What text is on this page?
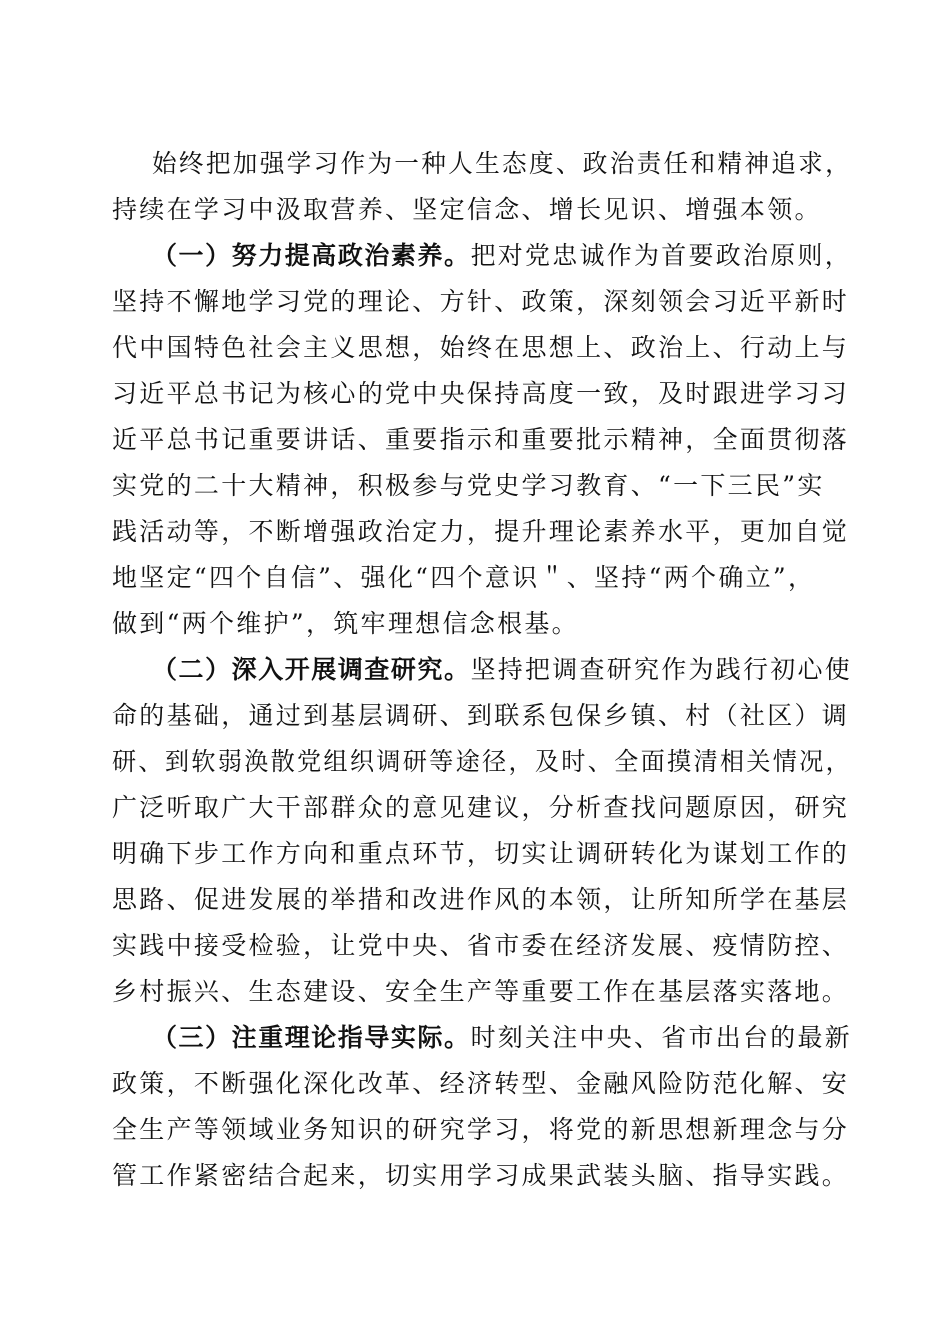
始终把加强学习作为一种人生态度、政治责任和精神追求，
持续在学习中汲取营养、坚定信念、增长见识、增强本领。
（一）努力提高政治素养。把对党忠诚作为首要政治原则，
坚持不懈地学习党的理论、方针、政策，深刻领会习近平新时
代中国特色社会主义思想，始终在思想上、政治上、行动上与
习近平总书记为核心的党中央保持高度一致，及时跟进学习习
近平总书记重要讲话、重要指示和重要批示精神，全面贯彻落
实党的二十大精神，积极参与党史学习教育、“一下三民”实
践活动等，不断增强政治定力，提升理论素养水平，更加自觉
地坚定“四个自信”、强化“四个意识＂、坚持“两个确立”，
做到“两个维护”，筑牢理想信念根基。
（二）深入开展调查研究。坚持把调查研究作为践行初心使
命的基础，通过到基层调研、到联系包保乡镇、村（社区）调
研、到软弱涣散党组织调研等途径，及时、全面摸清相关情况，
广泛听取广大干部群众的意见建议，分析查找问题原因，研究
明确下步工作方向和重点环节，切实让调研转化为谋划工作的
思路、促进发展的举措和改进作风的本领，让所知所学在基层
实践中接受检验，让党中央、省市委在经济发展、疫情防控、
乡村振兴、生态建设、安全生产等重要工作在基层落实落地。
（三）注重理论指导实际。时刻关注中央、省市出台的最新
政策，不断强化深化改革、经济转型、金融风险防范化解、安
全生产等领域业务知识的研究学习，将党的新思想新理念与分
管工作紧密结合起来，切实用学习成果武装头脑、指导实践。
